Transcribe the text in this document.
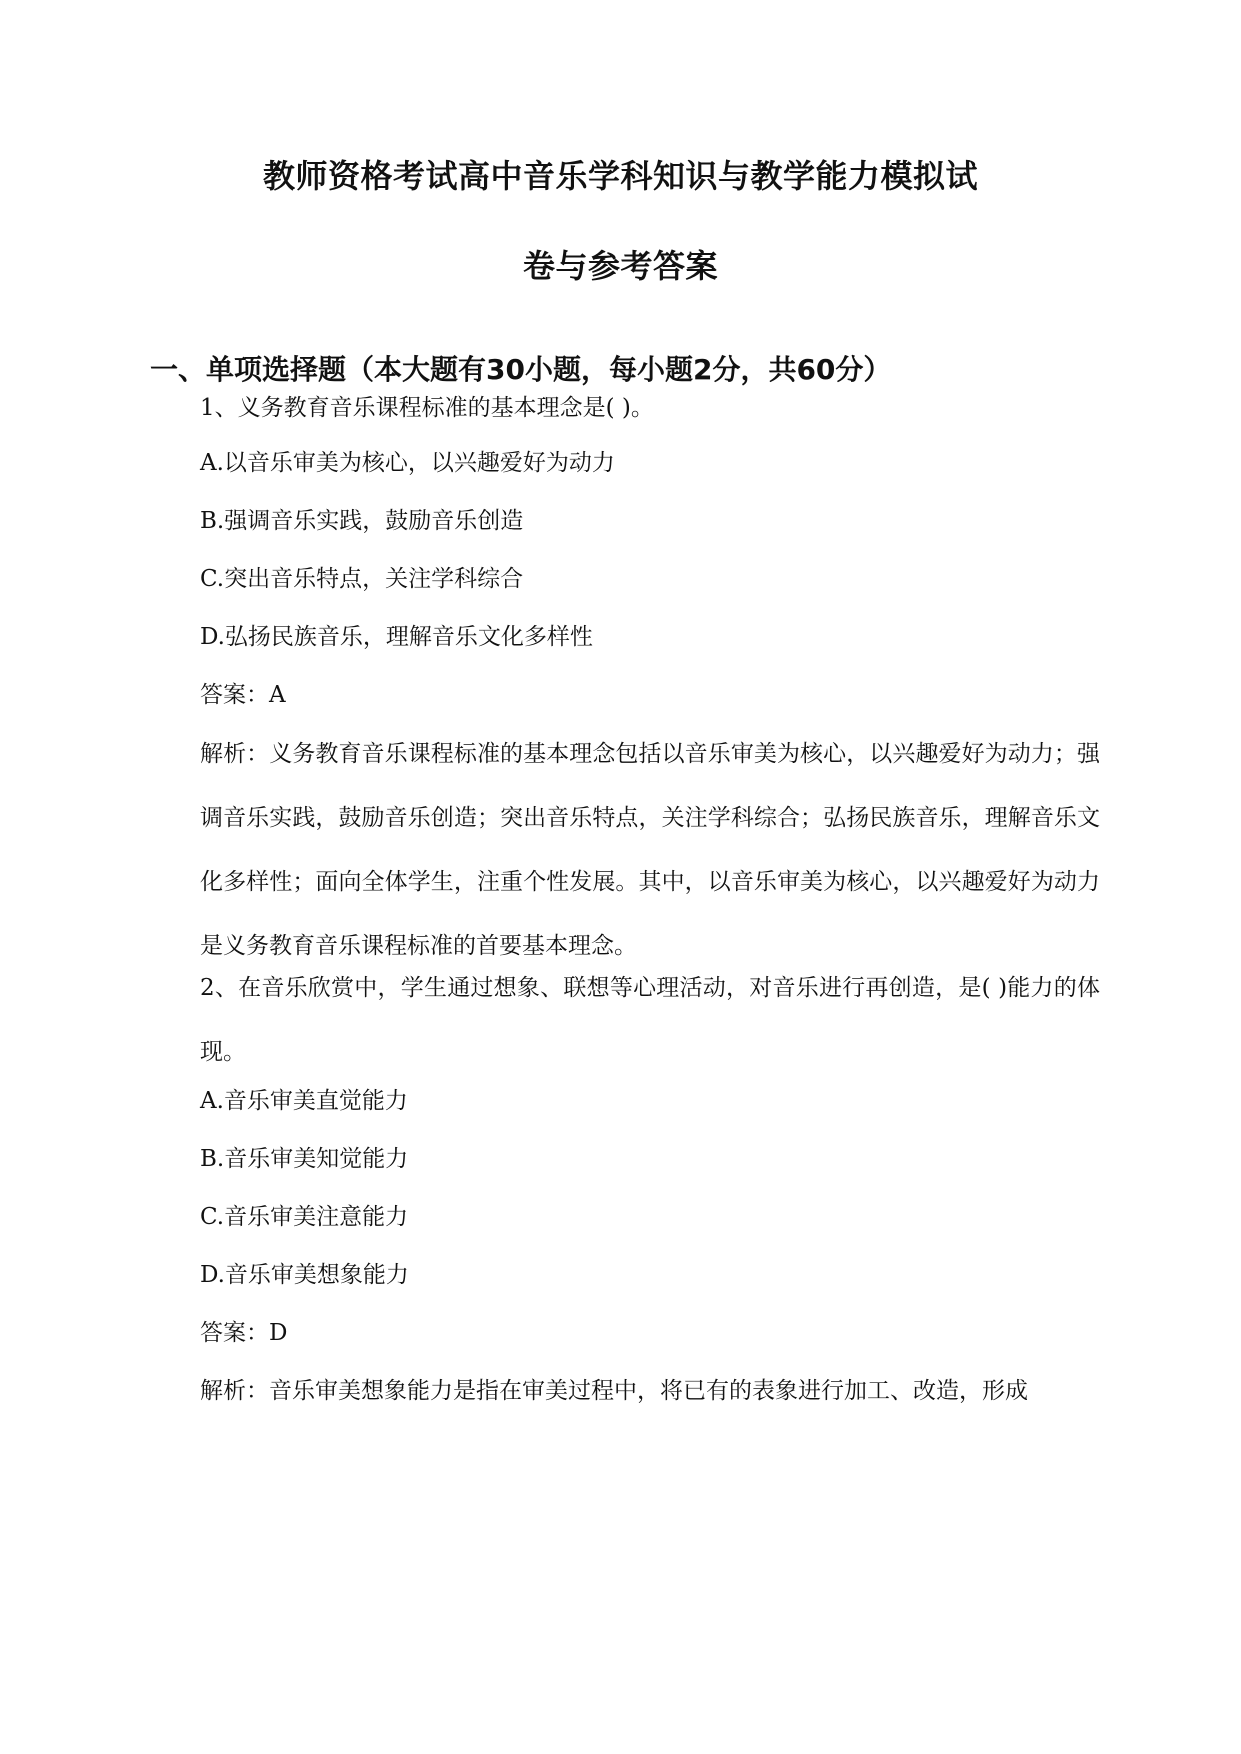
教师资格考试高中音乐学科知识与教学能力模拟试
卷与参考答案
一、单项选择题（本大题有30小题，每小题2分，共60分）
1、义务教育音乐课程标准的基本理念是( )。
A.以音乐审美为核心，以兴趣爱好为动力
B.强调音乐实践，鼓励音乐创造
C.突出音乐特点，关注学科综合
D.弘扬民族音乐，理解音乐文化多样性
答案：A
解析：义务教育音乐课程标准的基本理念包括以音乐审美为核心，以兴趣爱好为动力；强调音乐实践，鼓励音乐创造；突出音乐特点，关注学科综合；弘扬民族音乐，理解音乐文化多样性；面向全体学生，注重个性发展。其中，以音乐审美为核心，以兴趣爱好为动力是义务教育音乐课程标准的首要基本理念。
2、在音乐欣赏中，学生通过想象、联想等心理活动，对音乐进行再创造，是( )能力的体现。
A.音乐审美直觉能力
B.音乐审美知觉能力
C.音乐审美注意能力
D.音乐审美想象能力
答案：D
解析：音乐审美想象能力是指在审美过程中，将已有的表象进行加工、改造，形成
